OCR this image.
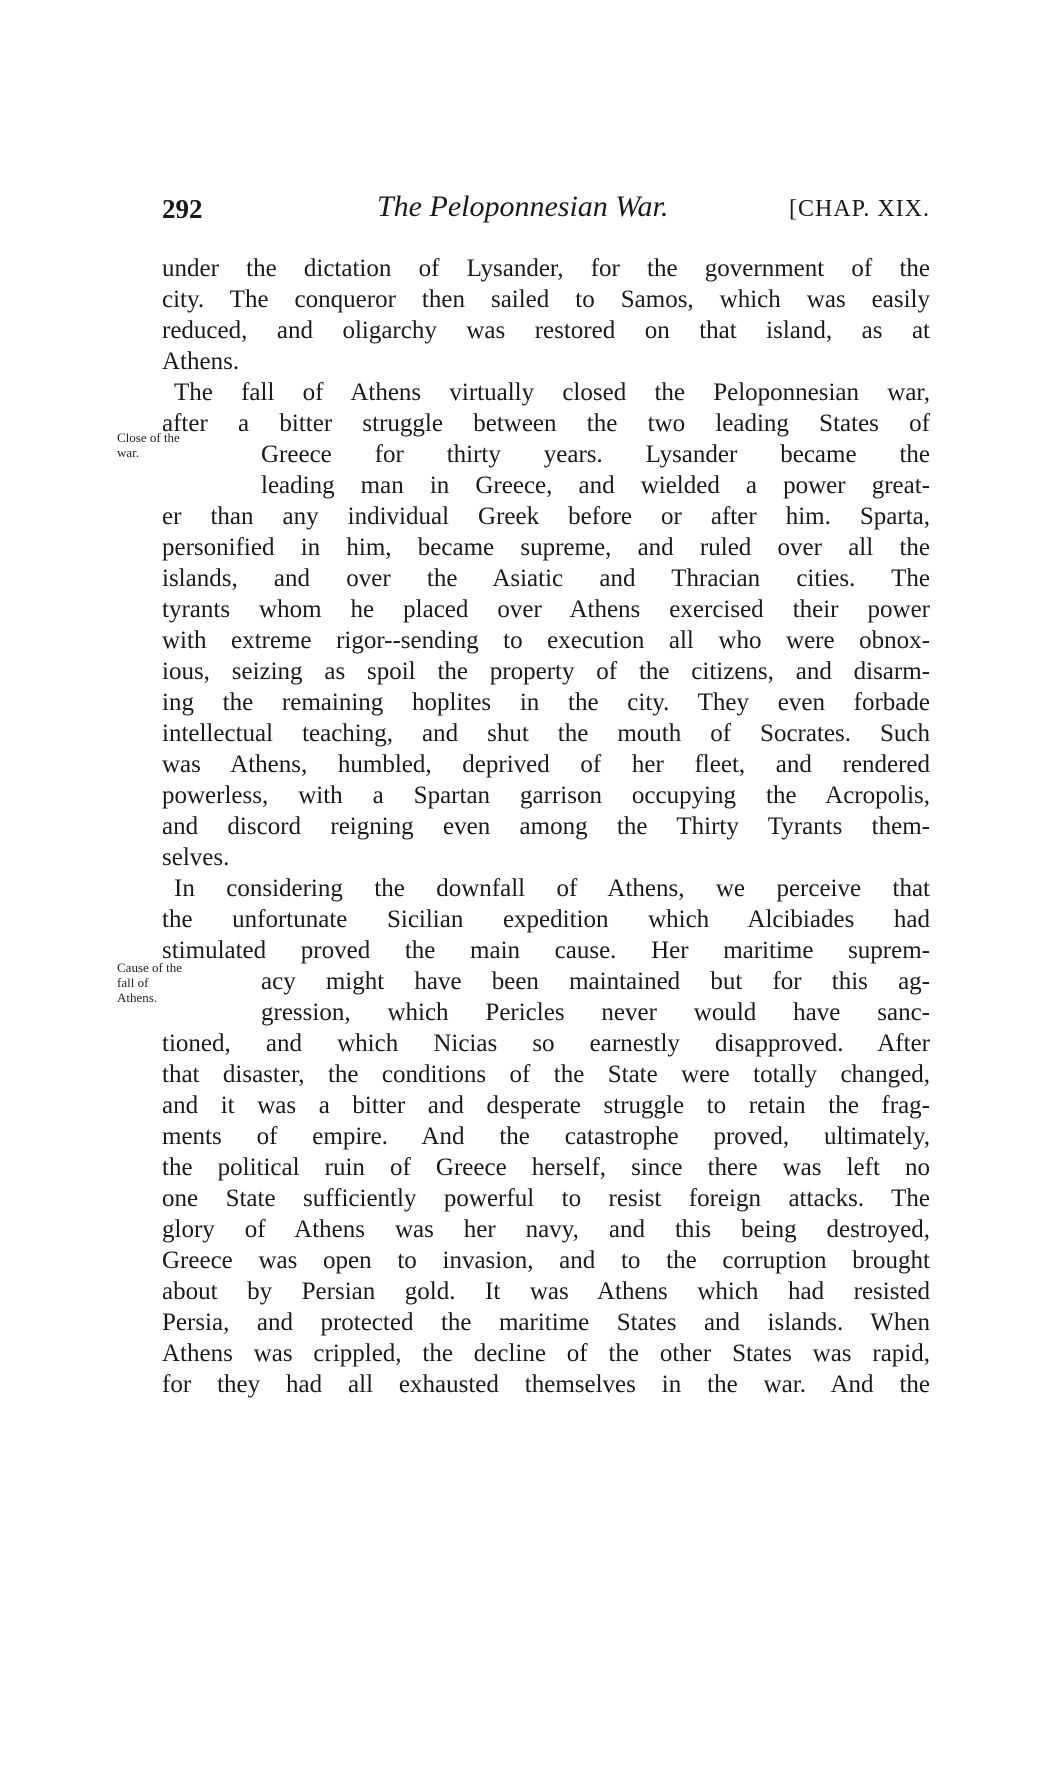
292	The Peloponnesian War.	[CHAP. XIX.
Close of the
war.
Cause of the
fall of
Athens.
under the dictation of Lysander, for the government of the
city. The conqueror then sailed to Samos, which was easily
reduced, and oligarchy was restored on that island, as at
Athens.
The fall of Athens virtually closed the Peloponnesian war,
after a bitter struggle between the two leading States of
Greece for thirty years. Lysander became the
leading man in Greece, and wielded a power great-
er than any individual Greek before or after him. Sparta,
personified in him, became supreme, and ruled over all the
islands, and over the Asiatic and Thracian cities. The
tyrants whom he placed over Athens exercised their power
with extreme rigor--sending to execution all who were obnox-
ious, seizing as spoil the property of the citizens, and disarm-
ing the remaining hoplites in the city. They even forbade
intellectual teaching, and shut the mouth of Socrates. Such
was Athens, humbled, deprived of her fleet, and rendered
powerless, with a Spartan garrison occupying the Acropolis,
and discord reigning even among the Thirty Tyrants them-
selves.
In considering the downfall of Athens, we perceive that
the unfortunate Sicilian expedition which Alcibiades had
stimulated proved the main cause. Her maritime suprem-
acy might have been maintained but for this ag-
gression, which Pericles never would have sanc-
tioned, and which Nicias so earnestly disapproved. After
that disaster, the conditions of the State were totally changed,
and it was a bitter and desperate struggle to retain the frag-
ments of empire. And the catastrophe proved, ultimately,
the political ruin of Greece herself, since there was left no
one State sufficiently powerful to resist foreign attacks. The
glory of Athens was her navy, and this being destroyed,
Greece was open to invasion, and to the corruption brought
about by Persian gold. It was Athens which had resisted
Persia, and protected the maritime States and islands. When
Athens was crippled, the decline of the other States was rapid,
for they had all exhausted themselves in the war. And the
